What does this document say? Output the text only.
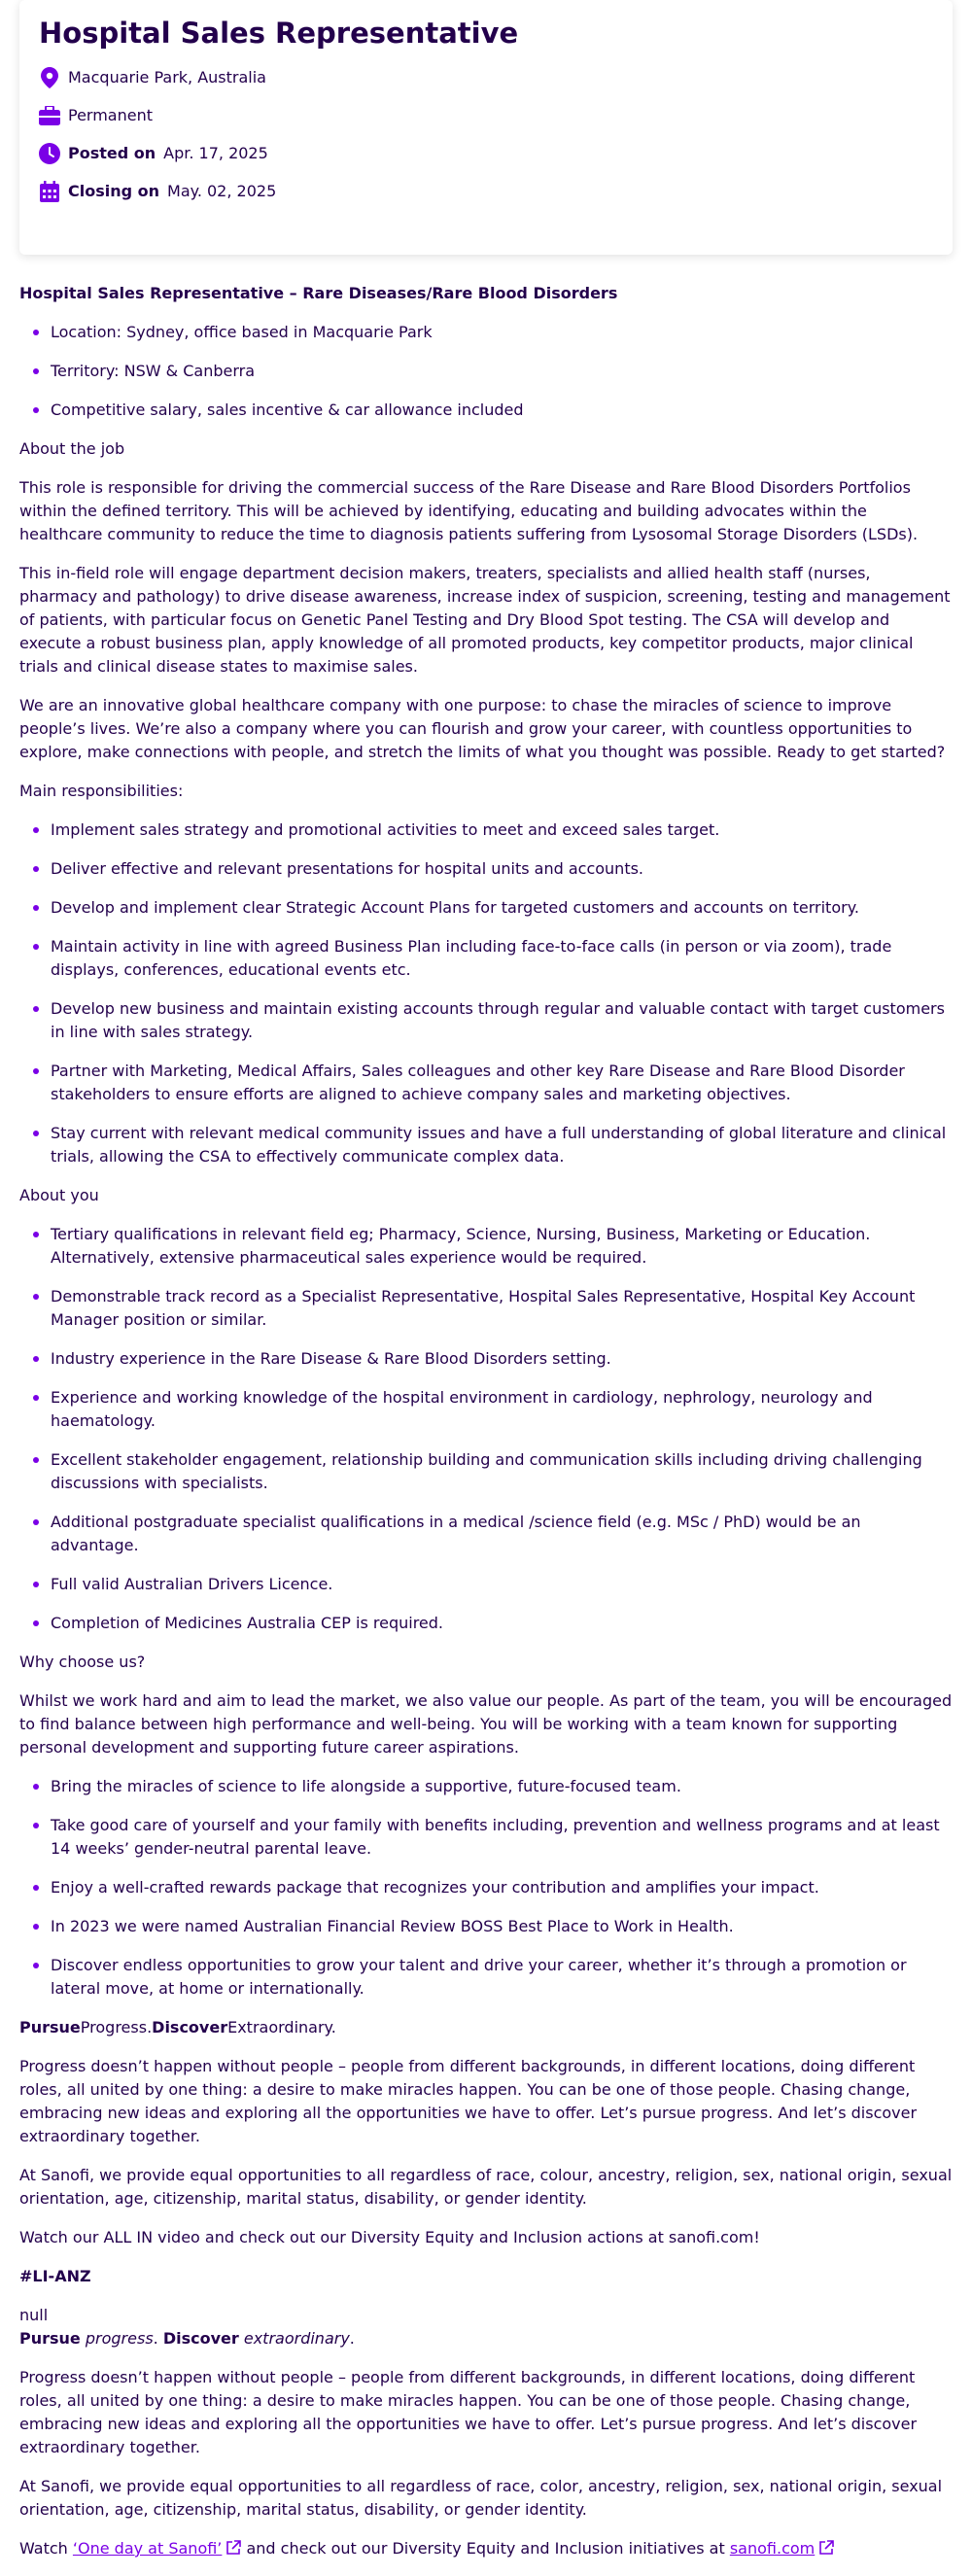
Hospital Sales Representative
Macquarie Park, Australia
Permanent
Posted on Apr. 17, 2025
Closing on May. 02, 2025

Hospital Sales Representative – Rare Diseases/Rare Blood Disorders

Location: Sydney, office based in Macquarie Park
Territory: NSW & Canberra
Competitive salary, sales incentive & car allowance included

About the job

This role is responsible for driving the commercial success of the Rare Disease and Rare Blood Disorders Portfolios within the defined territory. This will be achieved by identifying, educating and building advocates within the healthcare community to reduce the time to diagnosis patients suffering from Lysosomal Storage Disorders (LSDs).

This in-field role will engage department decision makers, treaters, specialists and allied health staff (nurses, pharmacy and pathology) to drive disease awareness, increase index of suspicion, screening, testing and management of patients, with particular focus on Genetic Panel Testing and Dry Blood Spot testing. The CSA will develop and execute a robust business plan, apply knowledge of all promoted products, key competitor products, major clinical trials and clinical disease states to maximise sales.

We are an innovative global healthcare company with one purpose: to chase the miracles of science to improve people’s lives. We’re also a company where you can flourish and grow your career, with countless opportunities to explore, make connections with people, and stretch the limits of what you thought was possible. Ready to get started?

Main responsibilities:

Implement sales strategy and promotional activities to meet and exceed sales target.
Deliver effective and relevant presentations for hospital units and accounts.
Develop and implement clear Strategic Account Plans for targeted customers and accounts on territory.
Maintain activity in line with agreed Business Plan including face-to-face calls (in person or via zoom), trade displays, conferences, educational events etc.
Develop new business and maintain existing accounts through regular and valuable contact with target customers in line with sales strategy.
Partner with Marketing, Medical Affairs, Sales colleagues and other key Rare Disease and Rare Blood Disorder stakeholders to ensure efforts are aligned to achieve company sales and marketing objectives.
Stay current with relevant medical community issues and have a full understanding of global literature and clinical trials, allowing the CSA to effectively communicate complex data.

About you

Tertiary qualifications in relevant field eg; Pharmacy, Science, Nursing, Business, Marketing or Education. Alternatively, extensive pharmaceutical sales experience would be required.
Demonstrable track record as a Specialist Representative, Hospital Sales Representative, Hospital Key Account Manager position or similar.
Industry experience in the Rare Disease & Rare Blood Disorders setting.
Experience and working knowledge of the hospital environment in cardiology, nephrology, neurology and haematology.
Excellent stakeholder engagement, relationship building and communication skills including driving challenging discussions with specialists.
Additional postgraduate specialist qualifications in a medical /science field (e.g. MSc / PhD) would be an advantage.
Full valid Australian Drivers Licence.
Completion of Medicines Australia CEP is required.

Why choose us?

Whilst we work hard and aim to lead the market, we also value our people. As part of the team, you will be encouraged to find balance between high performance and well-being. You will be working with a team known for supporting personal development and supporting future career aspirations.

Bring the miracles of science to life alongside a supportive, future-focused team.
Take good care of yourself and your family with benefits including, prevention and wellness programs and at least 14 weeks’ gender-neutral parental leave.
Enjoy a well-crafted rewards package that recognizes your contribution and amplifies your impact.
In 2023 we were named Australian Financial Review BOSS Best Place to Work in Health.
Discover endless opportunities to grow your talent and drive your career, whether it’s through a promotion or lateral move, at home or internationally.

PursueProgress.DiscoverExtraordinary.

Progress doesn’t happen without people – people from different backgrounds, in different locations, doing different roles, all united by one thing: a desire to make miracles happen. You can be one of those people. Chasing change, embracing new ideas and exploring all the opportunities we have to offer. Let’s pursue progress. And let’s discover extraordinary together.

At Sanofi, we provide equal opportunities to all regardless of race, colour, ancestry, religion, sex, national origin, sexual orientation, age, citizenship, marital status, disability, or gender identity.

Watch our ALL IN video and check out our Diversity Equity and Inclusion actions at sanofi.com!

#LI-ANZ

null

Pursue progress. Discover extraordinary.

Progress doesn’t happen without people – people from different backgrounds, in different locations, doing different roles, all united by one thing: a desire to make miracles happen. You can be one of those people. Chasing change, embracing new ideas and exploring all the opportunities we have to offer. Let’s pursue progress. And let’s discover extraordinary together.

At Sanofi, we provide equal opportunities to all regardless of race, color, ancestry, religion, sex, national origin, sexual orientation, age, citizenship, marital status, disability, or gender identity.

Watch ‘One day at Sanofi’ and check out our Diversity Equity and Inclusion initiatives at sanofi.com
